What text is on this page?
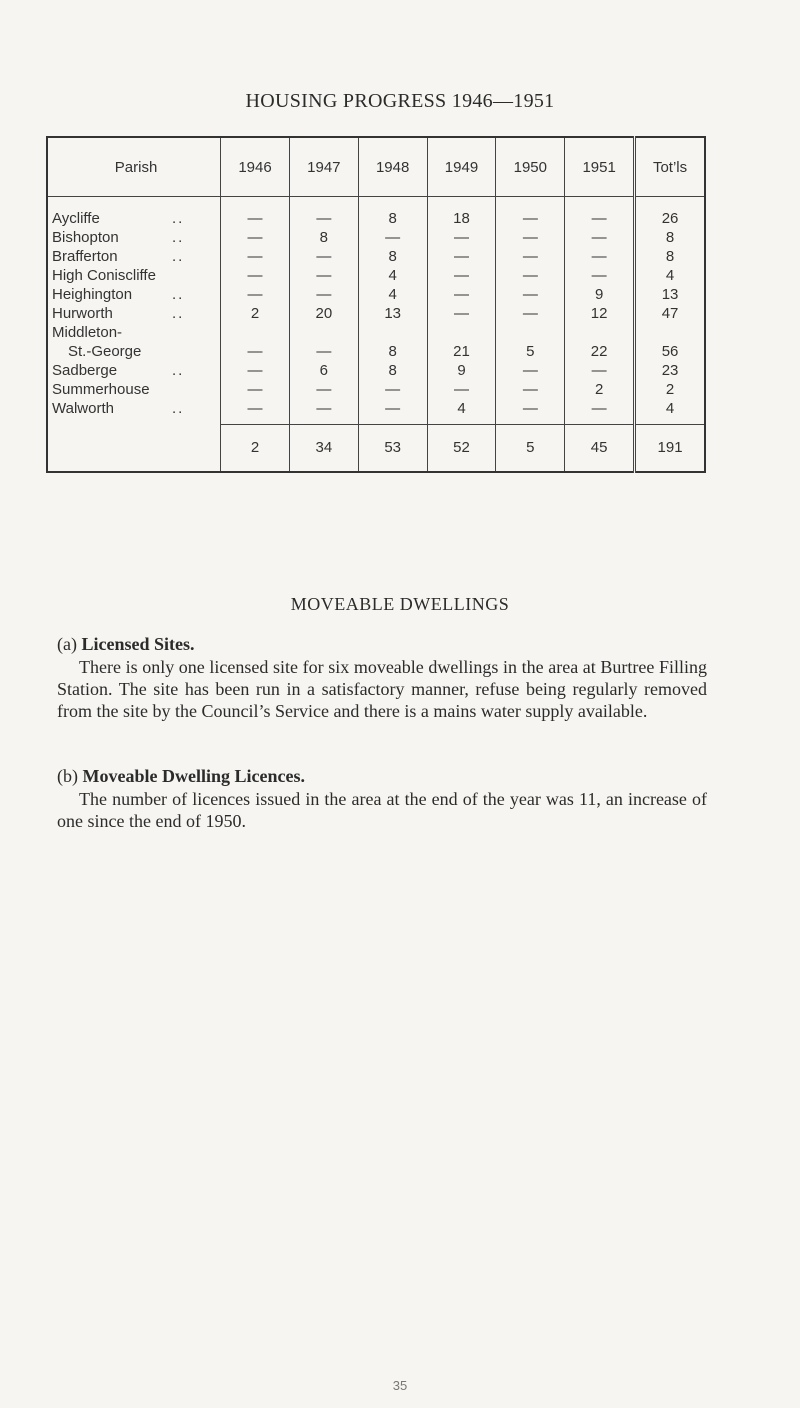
HOUSING PROGRESS 1946—1951
Parish	1946	1947	1948	1949	1950	1951	Tot’ls
Aycliffe ..	—	—	8	18	—	—	26
Bishopton ..	—	8	—	—	—	—	8
Brafferton ..	—	—	8	—	—	—	8
High Coniscliffe	—	—	4	—	—	—	4
Heighington ..	—	—	4	—	—	9	13
Hurworth ..	2	20	13	—	—	12	47
Middleton-							
St.-George	—	—	8	21	5	22	56
Sadberge ..	—	6	8	9	—	—	23
Summerhouse	—	—	—	—	—	2	2
Walworth ..	—	—	—	4	—	—	4
	2	34	53	52	5	45	191
MOVEABLE DWELLINGS
(a) Licensed Sites.
There is only one licensed site for six moveable dwellings in the area at Burtree Filling Station. The site has been run in a satisfactory manner, refuse being regularly removed from the site by the Council’s Service and there is a mains water supply available.
(b) Moveable Dwelling Licences.
The number of licences issued in the area at the end of the year was 11, an increase of one since the end of 1950.
35
